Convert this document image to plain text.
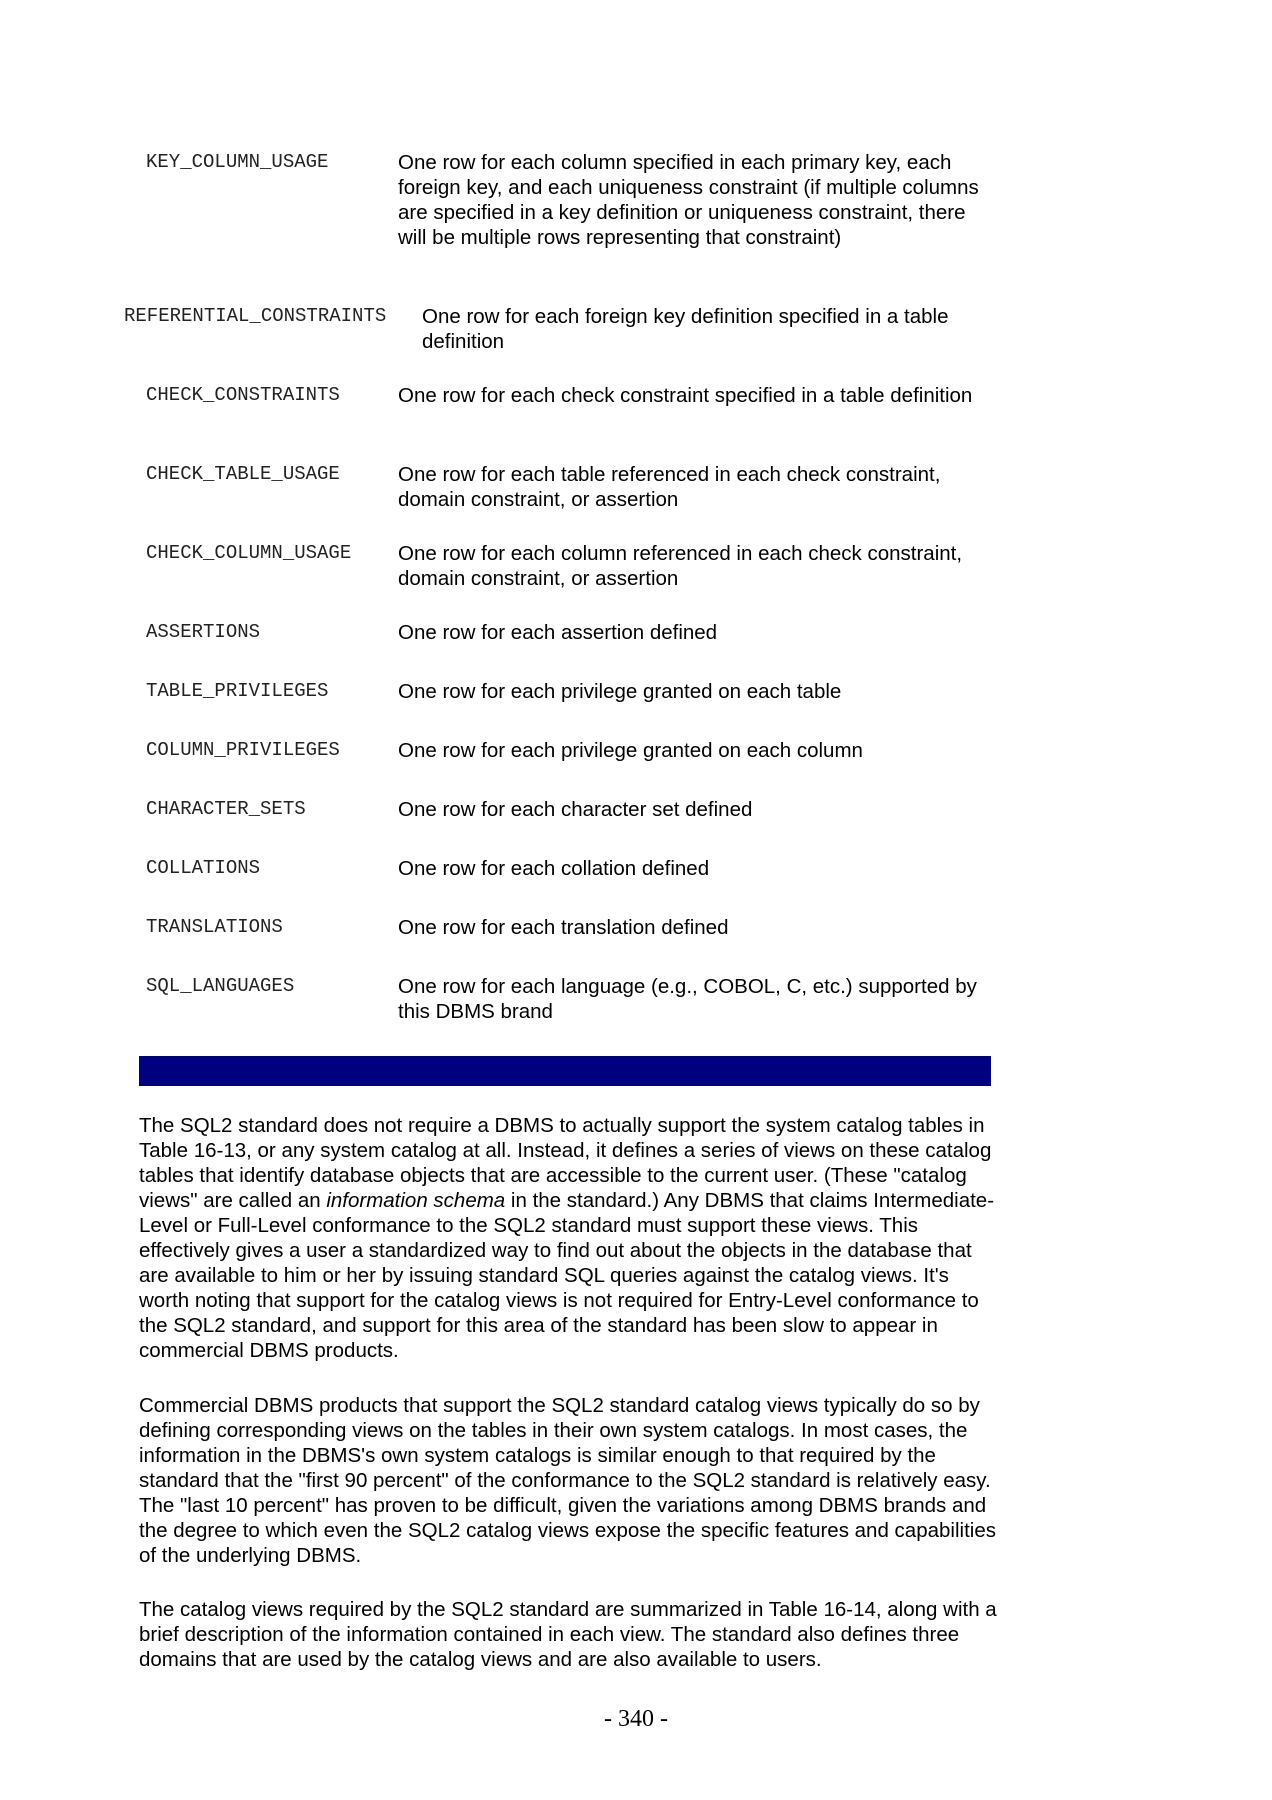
KEY_COLUMN_USAGE	One row for each column specified in each primary key, each foreign key, and each uniqueness constraint (if multiple columns are specified in a key definition or uniqueness constraint, there will be multiple rows representing that constraint)
REFERENTIAL_CONSTRAINTS One row for each foreign key definition specified in a table definition
CHECK_CONSTRAINTS	One row for each check constraint specified in a table definition
CHECK_TABLE_USAGE	One row for each table referenced in each check constraint, domain constraint, or assertion
CHECK_COLUMN_USAGE One row for each column referenced in each check constraint, domain constraint, or assertion
ASSERTIONS	One row for each assertion defined
TABLE_PRIVILEGES	One row for each privilege granted on each table
COLUMN_PRIVILEGES	One row for each privilege granted on each column
CHARACTER_SETS	One row for each character set defined
COLLATIONS	One row for each collation defined
TRANSLATIONS	One row for each translation defined
SQL_LANGUAGES	One row for each language (e.g., COBOL, C, etc.) supported by this DBMS brand
The SQL2 standard does not require a DBMS to actually support the system catalog tables in Table 16-13, or any system catalog at all. Instead, it defines a series of views on these catalog tables that identify database objects that are accessible to the current user. (These "catalog views" are called an information schema in the standard.) Any DBMS that claims Intermediate-Level or Full-Level conformance to the SQL2 standard must support these views. This effectively gives a user a standardized way to find out about the objects in the database that are available to him or her by issuing standard SQL queries against the catalog views. It's worth noting that support for the catalog views is not required for Entry-Level conformance to the SQL2 standard, and support for this area of the standard has been slow to appear in commercial DBMS products.
Commercial DBMS products that support the SQL2 standard catalog views typically do so by defining corresponding views on the tables in their own system catalogs. In most cases, the information in the DBMS's own system catalogs is similar enough to that required by the standard that the "first 90 percent" of the conformance to the SQL2 standard is relatively easy. The "last 10 percent" has proven to be difficult, given the variations among DBMS brands and the degree to which even the SQL2 catalog views expose the specific features and capabilities of the underlying DBMS.
The catalog views required by the SQL2 standard are summarized in Table 16-14, along with a brief description of the information contained in each view. The standard also defines three domains that are used by the catalog views and are also available to users.
- 340 -
